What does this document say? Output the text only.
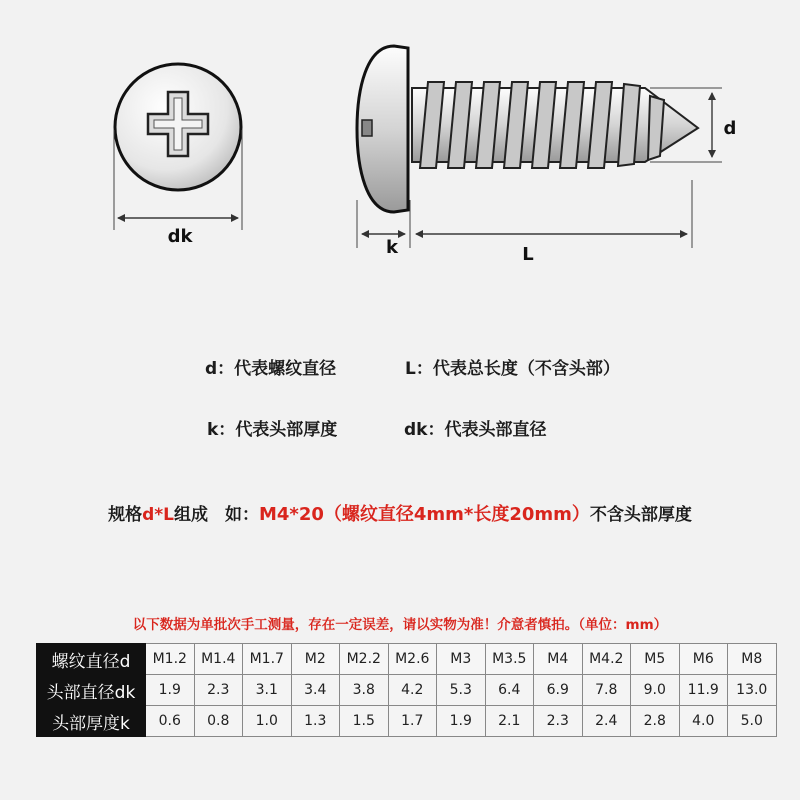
dk
k	L
d
d：代表螺纹直径	L：代表总长度（不含头部）
k：代表头部厚度	dk：代表头部直径
规格d*L组成　如：M4*20（螺纹直径4mm*长度20mm）不含头部厚度
以下数据为单批次手工测量，存在一定误差，请以实物为准！介意者慎拍。（单位：mm）
螺纹直径d	M1.2	M1.4	M1.7	M2	M2.2	M2.6	M3	M3.5	M4	M4.2	M5	M6	M8
头部直径dk	1.9	2.3	3.1	3.4	3.8	4.2	5.3	6.4	6.9	7.8	9.0	11.9	13.0
头部厚度k	0.6	0.8	1.0	1.3	1.5	1.7	1.9	2.1	2.3	2.4	2.8	4.0	5.0
